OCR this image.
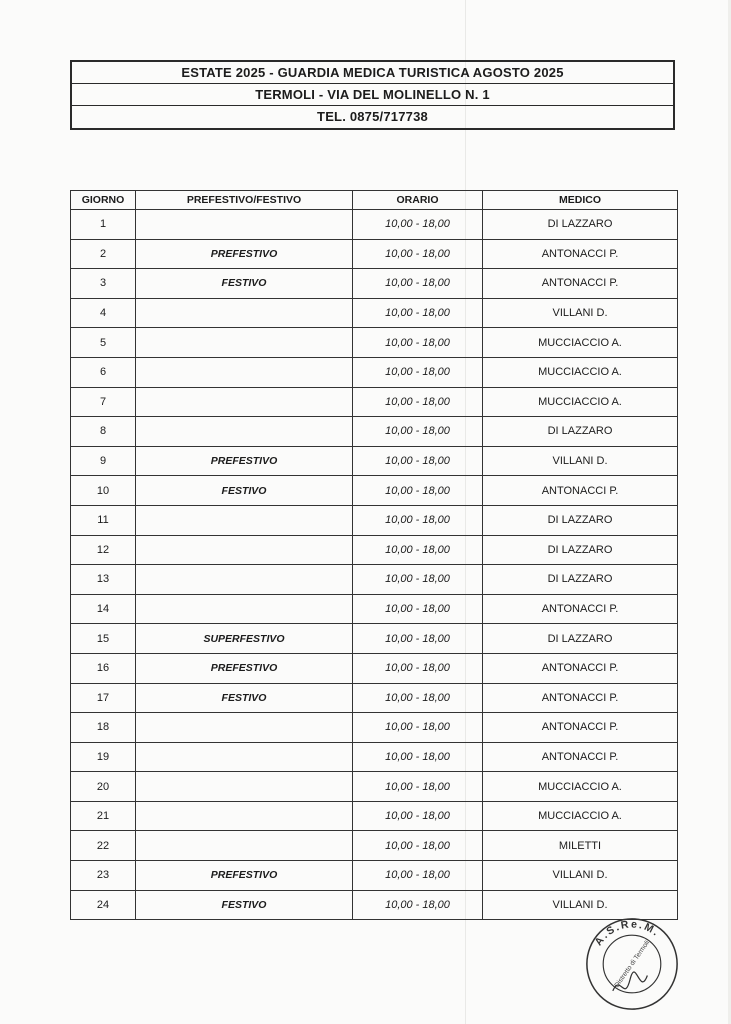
ESTATE 2025 - GUARDIA MEDICA TURISTICA AGOSTO 2025
TERMOLI - VIA DEL MOLINELLO N. 1
TEL. 0875/717738
GIORNO	PREFESTIVO/FESTIVO	ORARIO	MEDICO
1		10,00 - 18,00	DI LAZZARO
2	PREFESTIVO	10,00 - 18,00	ANTONACCI P.
3	FESTIVO	10,00 - 18,00	ANTONACCI P.
4		10,00 - 18,00	VILLANI D.
5		10,00 - 18,00	MUCCIACCIO A.
6		10,00 - 18,00	MUCCIACCIO A.
7		10,00 - 18,00	MUCCIACCIO A.
8		10,00 - 18,00	DI LAZZARO
9	PREFESTIVO	10,00 - 18,00	VILLANI D.
10	FESTIVO	10,00 - 18,00	ANTONACCI P.
11		10,00 - 18,00	DI LAZZARO
12		10,00 - 18,00	DI LAZZARO
13		10,00 - 18,00	DI LAZZARO
14		10,00 - 18,00	ANTONACCI P.
15	SUPERFESTIVO	10,00 - 18,00	DI LAZZARO
16	PREFESTIVO	10,00 - 18,00	ANTONACCI P.
17	FESTIVO	10,00 - 18,00	ANTONACCI P.
18		10,00 - 18,00	ANTONACCI P.
19		10,00 - 18,00	ANTONACCI P.
20		10,00 - 18,00	MUCCIACCIO A.
21		10,00 - 18,00	MUCCIACCIO A.
22		10,00 - 18,00	MILETTI
23	PREFESTIVO	10,00 - 18,00	VILLANI D.
24	FESTIVO	10,00 - 18,00	VILLANI D.
A.S.Re.M.
Distretto di Termoli
